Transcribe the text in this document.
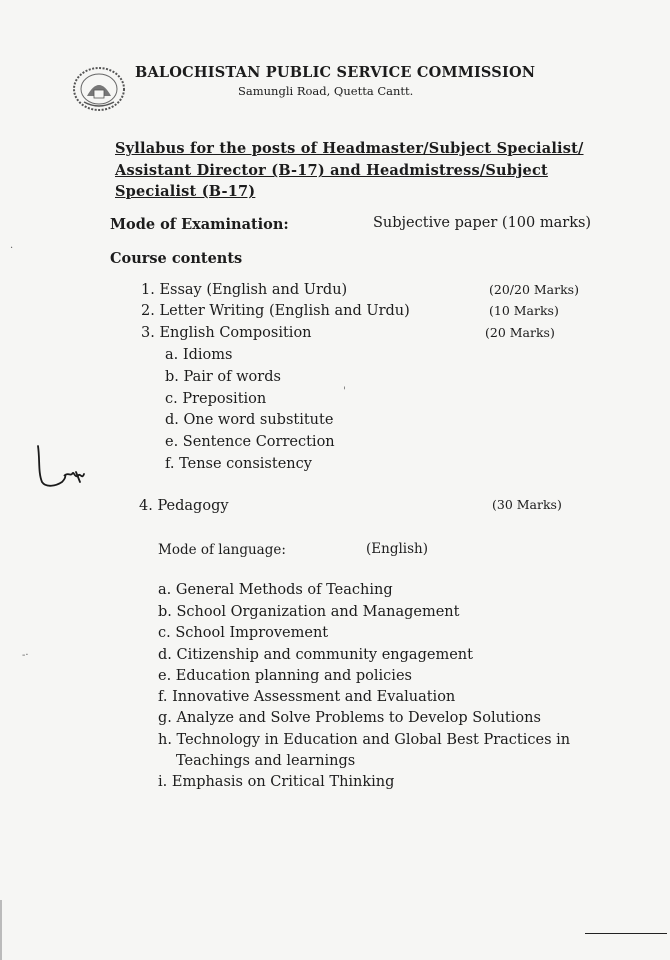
BALOCHISTAN PUBLIC SERVICE COMMISSION
Samungli Road, Quetta Cantt.
Syllabus for the posts of Headmaster/Subject Specialist/
Assistant Director (B-17) and Headmistress/Subject
Specialist (B-17)
Mode of Examination:	Subjective paper (100 marks)
Course contents
1. Essay (English and Urdu)	(20/20 Marks)
2. Letter Writing (English and Urdu)	(10 Marks)
3. English Composition	(20 Marks)
a. Idioms
b. Pair of words
c. Preposition
d. One word substitute
e. Sentence Correction
f. Tense consistency
4. Pedagogy	(30 Marks)
Mode of language:	(English)
a. General Methods of Teaching
b. School Organization and Management
c. School Improvement
d. Citizenship and community engagement
e. Education planning and policies
f. Innovative Assessment and Evaluation
g. Analyze and Solve Problems to Develop Solutions
h. Technology in Education and Global Best Practices in
Teachings and learnings
i. Emphasis on Critical Thinking
'
-·
·
